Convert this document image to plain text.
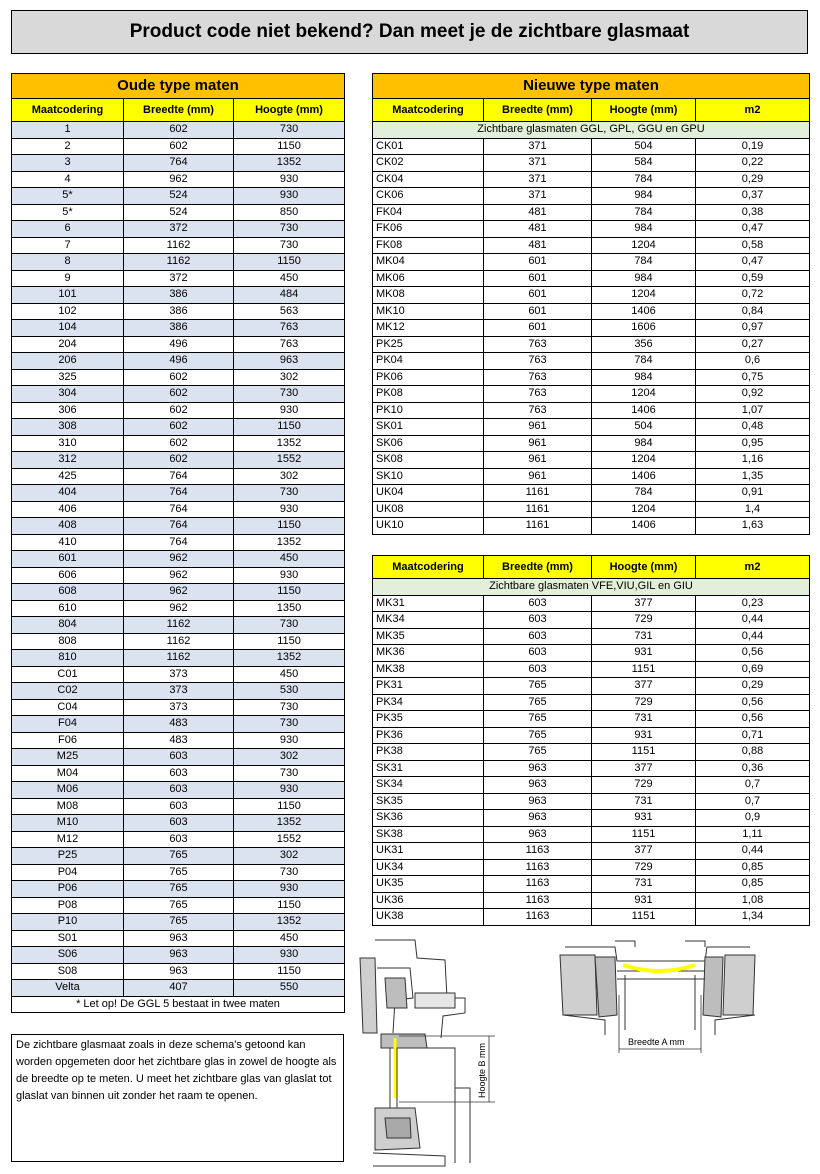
Product code niet bekend? Dan meet je de zichtbare glasmaat
Oude type maten		
Maatcodering	Breedte (mm)	Hoogte (mm)
1	602	730
2	602	1150
3	764	1352
4	962	930
5*	524	930
5*	524	850
6	372	730
7	1162	730
8	1162	1150
9	372	450
101	386	484
102	386	563
104	386	763
204	496	763
206	496	963
325	602	302
304	602	730
306	602	930
308	602	1150
310	602	1352
312	602	1552
425	764	302
404	764	730
406	764	930
408	764	1150
410	764	1352
601	962	450
606	962	930
608	962	1150
610	962	1350
804	1162	730
808	1162	1150
810	1162	1352
C01	373	450
C02	373	530
C04	373	730
F04	483	730
F06	483	930
M25	603	302
M04	603	730
M06	603	930
M08	603	1150
M10	603	1352
M12	603	1552
P25	765	302
P04	765	730
P06	765	930
P08	765	1150
P10	765	1352
S01	963	450
S06	963	930
S08	963	1150
Velta	407	550
* Let op! De GGL 5 bestaat in twee maten		
Nieuwe type maten			
Maatcodering	Breedte (mm)	Hoogte (mm)	m2
Zichtbare glasmaten GGL, GPL, GGU en GPU			
CK01	371	504	0,19
CK02	371	584	0,22
CK04	371	784	0,29
CK06	371	984	0,37
FK04	481	784	0,38
FK06	481	984	0,47
FK08	481	1204	0,58
MK04	601	784	0,47
MK06	601	984	0,59
MK08	601	1204	0,72
MK10	601	1406	0,84
MK12	601	1606	0,97
PK25	763	356	0,27
PK04	763	784	0,6
PK06	763	984	0,75
PK08	763	1204	0,92
PK10	763	1406	1,07
SK01	961	504	0,48
SK06	961	984	0,95
SK08	961	1204	1,16
SK10	961	1406	1,35
UK04	1161	784	0,91
UK08	1161	1204	1,4
UK10	1161	1406	1,63
Maatcodering	Breedte (mm)	Hoogte (mm)	m2
Zichtbare glasmaten VFE,VIU,GIL en GIU			
MK31	603	377	0,23
MK34	603	729	0,44
MK35	603	731	0,44
MK36	603	931	0,56
MK38	603	1151	0,69
PK31	765	377	0,29
PK34	765	729	0,56
PK35	765	731	0,56
PK36	765	931	0,71
PK38	765	1151	0,88
SK31	963	377	0,36
SK34	963	729	0,7
SK35	963	731	0,7
SK36	963	931	0,9
SK38	963	1151	1,11
UK31	1163	377	0,44
UK34	1163	729	0,85
UK35	1163	731	0,85
UK36	1163	931	1,08
UK38	1163	1151	1,34
De zichtbare glasmaat zoals in deze schema's getoond kan worden opgemeten door het zichtbare glas in zowel de hoogte als de breedte op te meten. U meet het zichtbare glas van glaslat tot glaslat van binnen uit zonder het raam te openen.	Hoogte B mm
Breedte A mm
